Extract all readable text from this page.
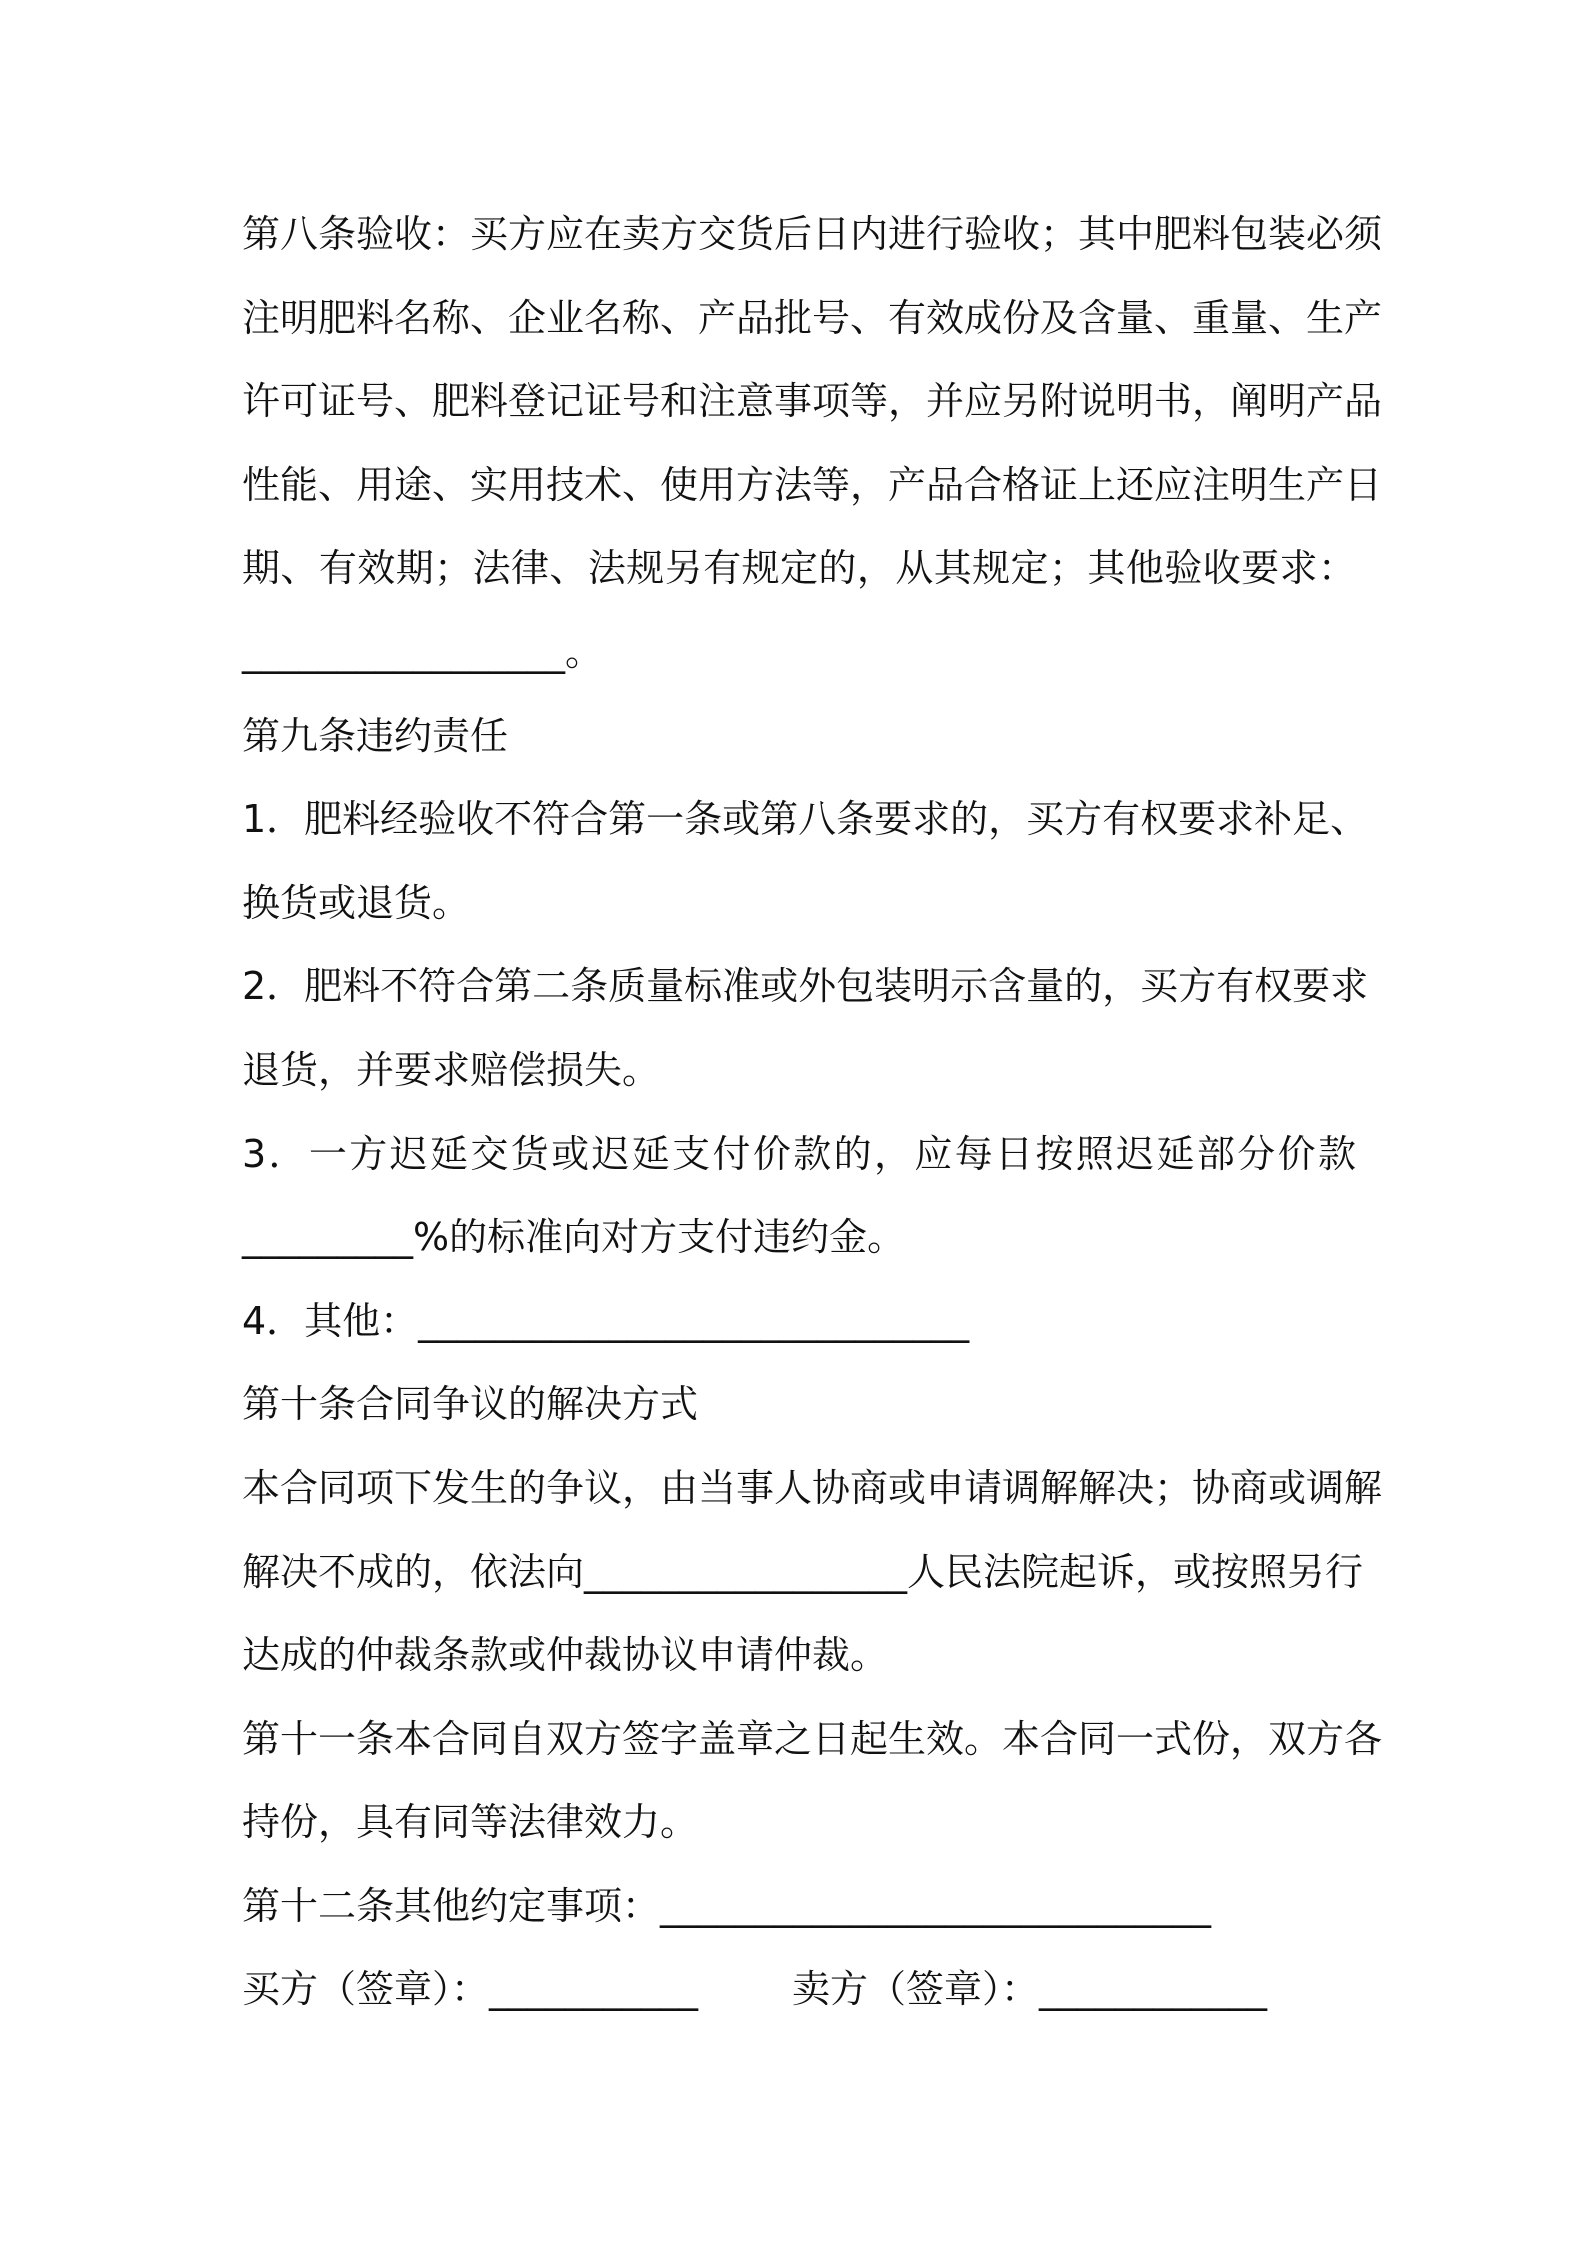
第八条验收：买方应在卖方交货后日内进行验收；其中肥料包装必须
注明肥料名称、企业名称、产品批号、有效成份及含量、重量、生产
许可证号、肥料登记证号和注意事项等，并应另附说明书，阐明产品
性能、用途、实用技术、使用方法等，产品合格证上还应注明生产日
期、有效期；法律、法规另有规定的，从其规定；其他验收要求：
_________________。
第九条违约责任
1．肥料经验收不符合第一条或第八条要求的，买方有权要求补足、
换货或退货。
2．肥料不符合第二条质量标准或外包装明示含量的，买方有权要求
退货，并要求赔偿损失。
3．一方迟延交货或迟延支付价款的，应每日按照迟延部分价款
_________%的标准向对方支付违约金。
4．其他：_____________________________
第十条合同争议的解决方式
本合同项下发生的争议，由当事人协商或申请调解解决；协商或调解
解决不成的，依法向_________________人民法院起诉，或按照另行
达成的仲裁条款或仲裁协议申请仲裁。
第十一条本合同自双方签字盖章之日起生效。本合同一式份，双方各
持份，具有同等法律效力。
第十二条其他约定事项：_____________________________
买方（签章）：___________	卖方（签章）：____________
